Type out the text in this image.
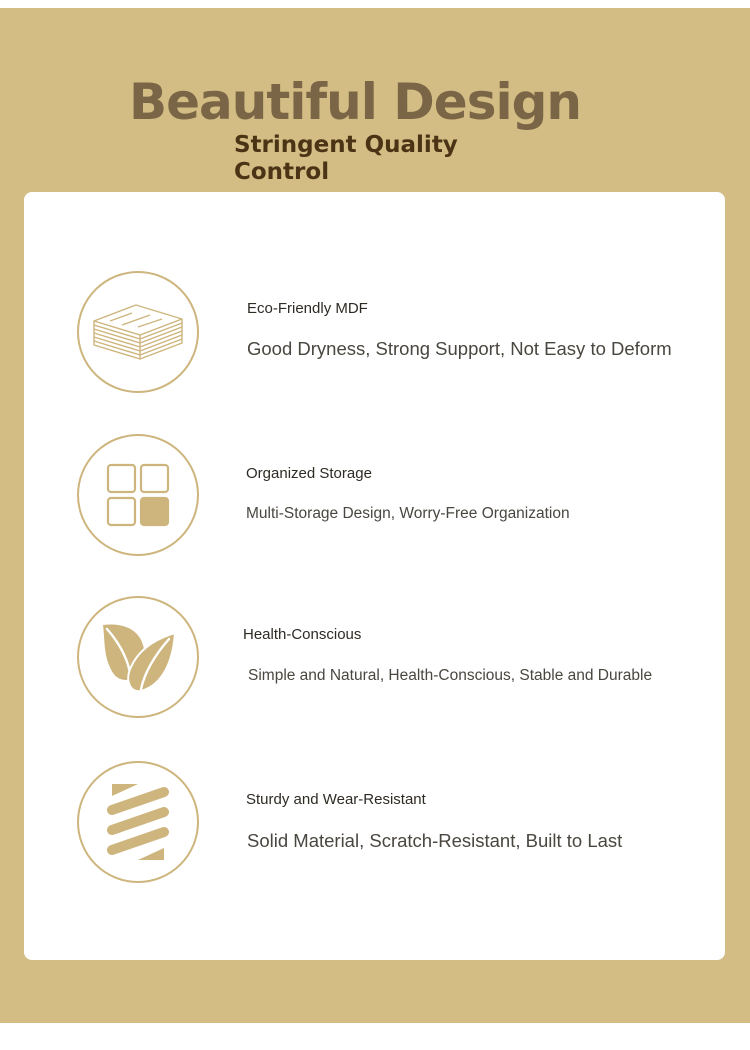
Beautiful Design
Stringent Quality Control
Eco-Friendly MDF
Good Dryness, Strong Support, Not Easy to Deform
Organized Storage
Multi-Storage Design, Worry-Free Organization
Health-Conscious
Simple and Natural, Health-Conscious, Stable and Durable
Sturdy and Wear-Resistant
Solid Material, Scratch-Resistant, Built to Last
